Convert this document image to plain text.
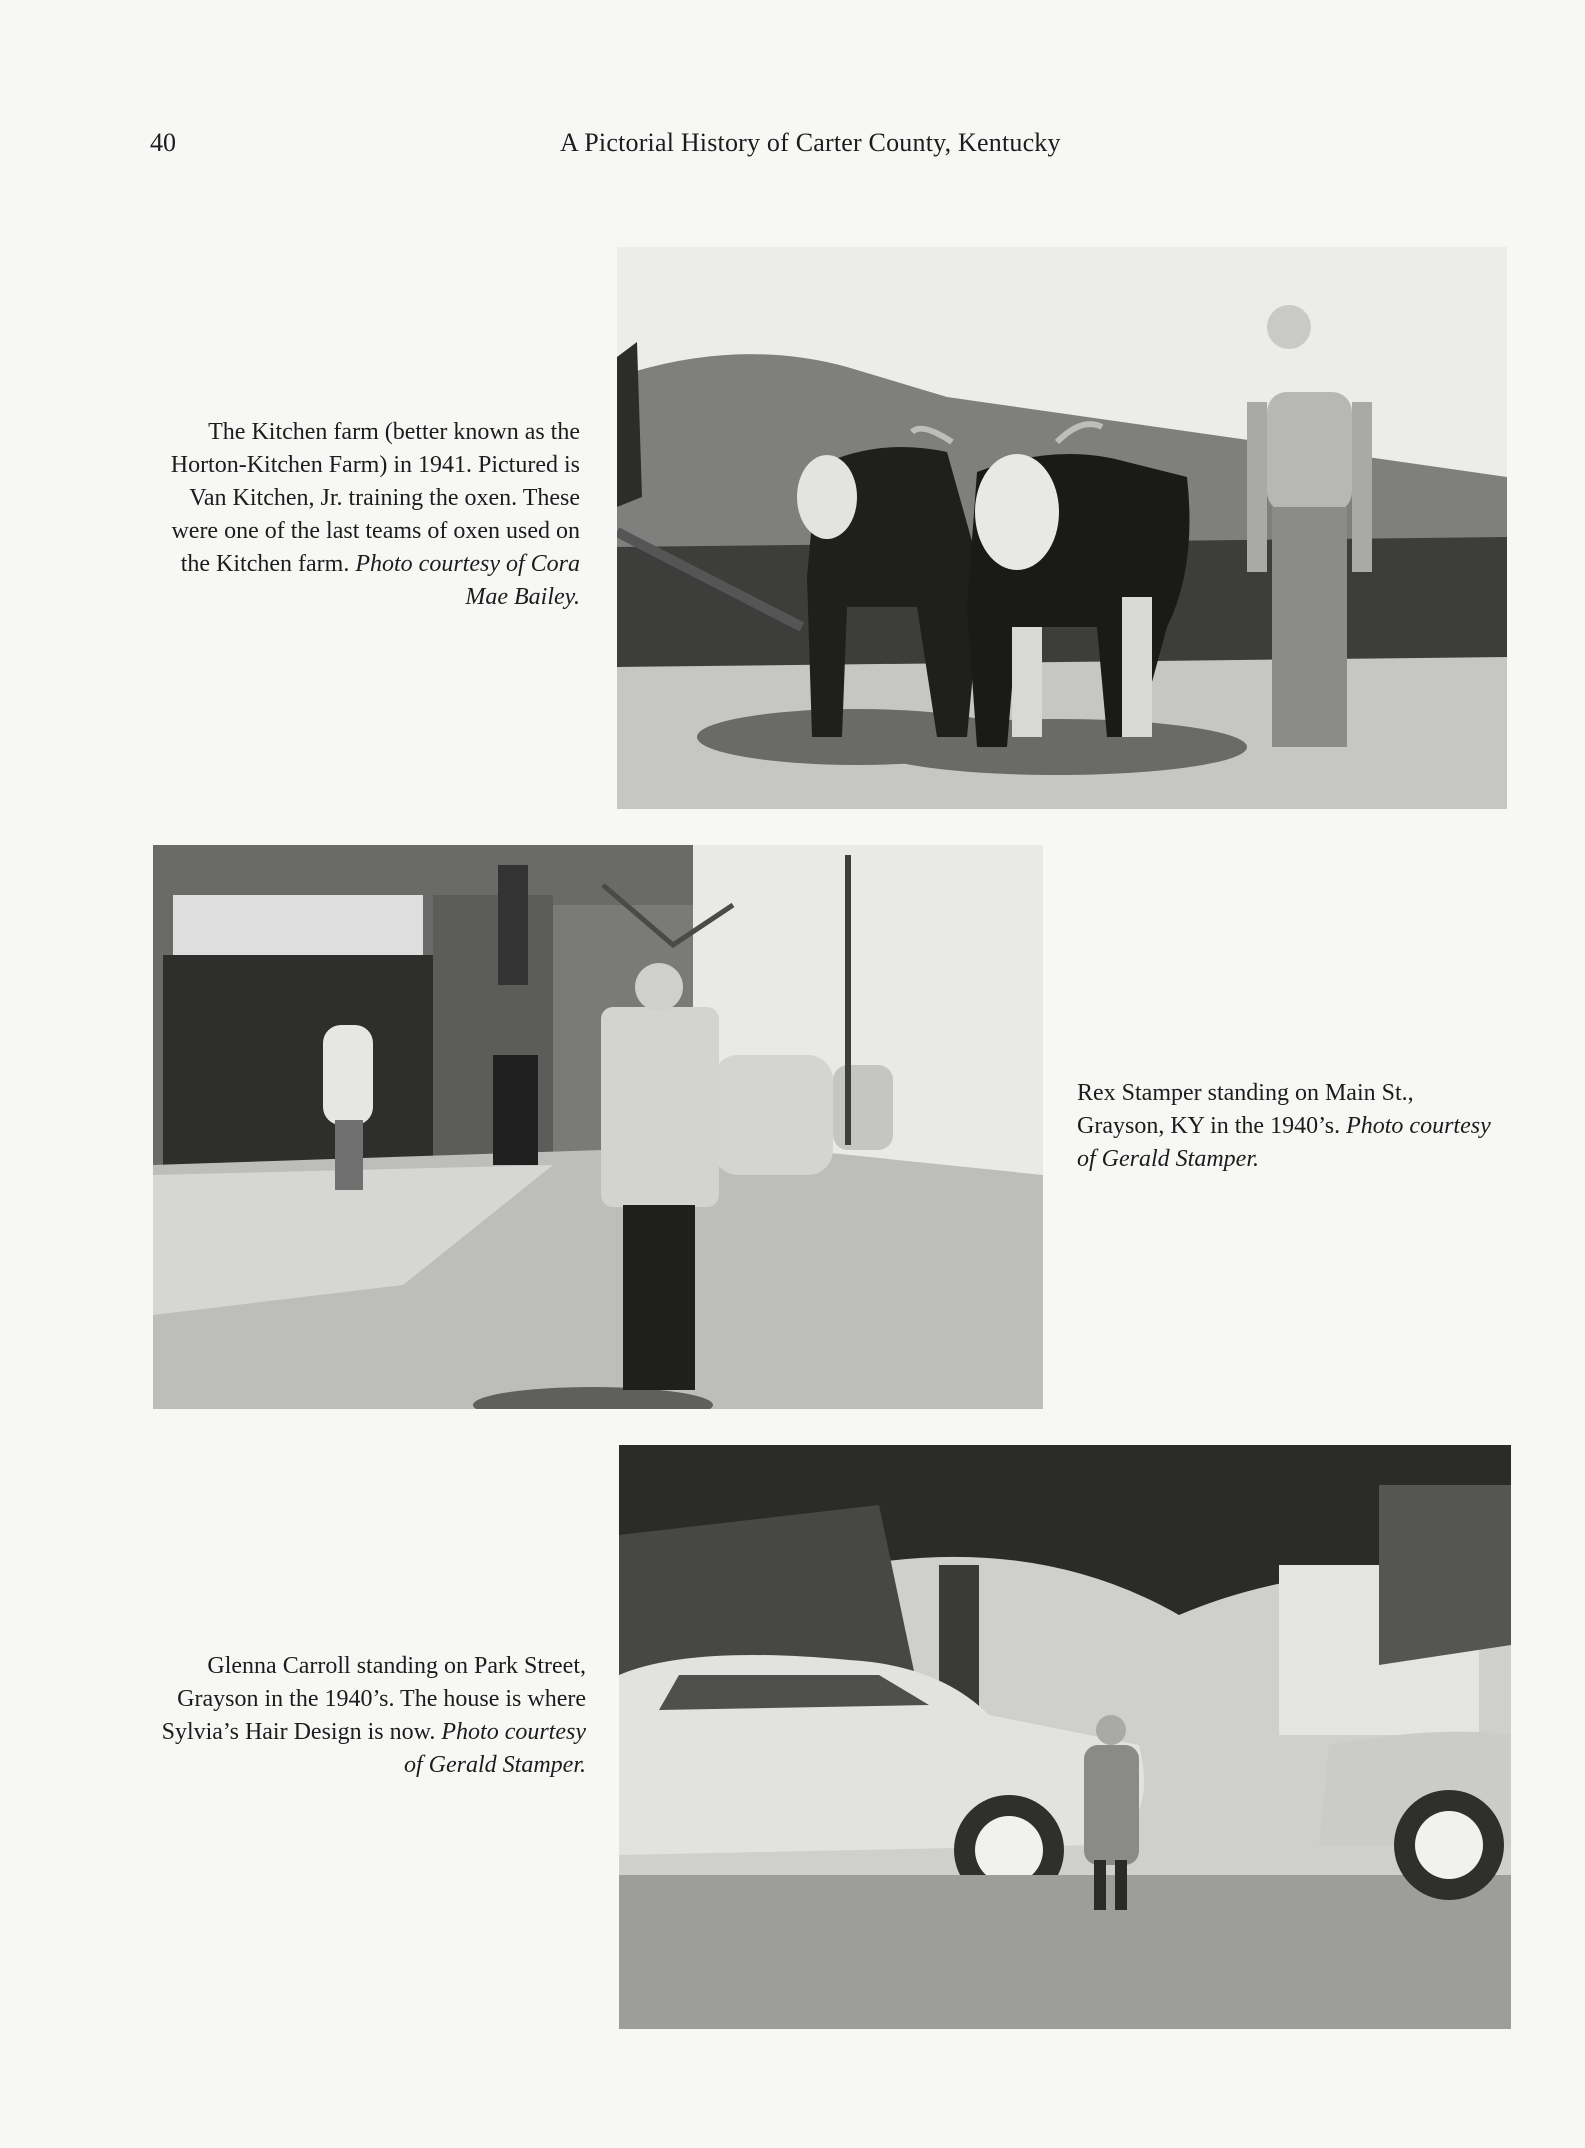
40	A Pictorial History of Carter County, Kentucky
The Kitchen farm (better known as the Horton-Kitchen Farm) in 1941. Pictured is Van Kitchen, Jr. training the oxen. These were one of the last teams of oxen used on the Kitchen farm. Photo courtesy of Cora Mae Bailey.
Rex Stamper standing on Main St., Grayson, KY in the 1940’s. Photo courtesy of Gerald Stamper.
Glenna Carroll standing on Park Street, Grayson in the 1940’s. The house is where Sylvia’s Hair Design is now. Photo courtesy of Gerald Stamper.
